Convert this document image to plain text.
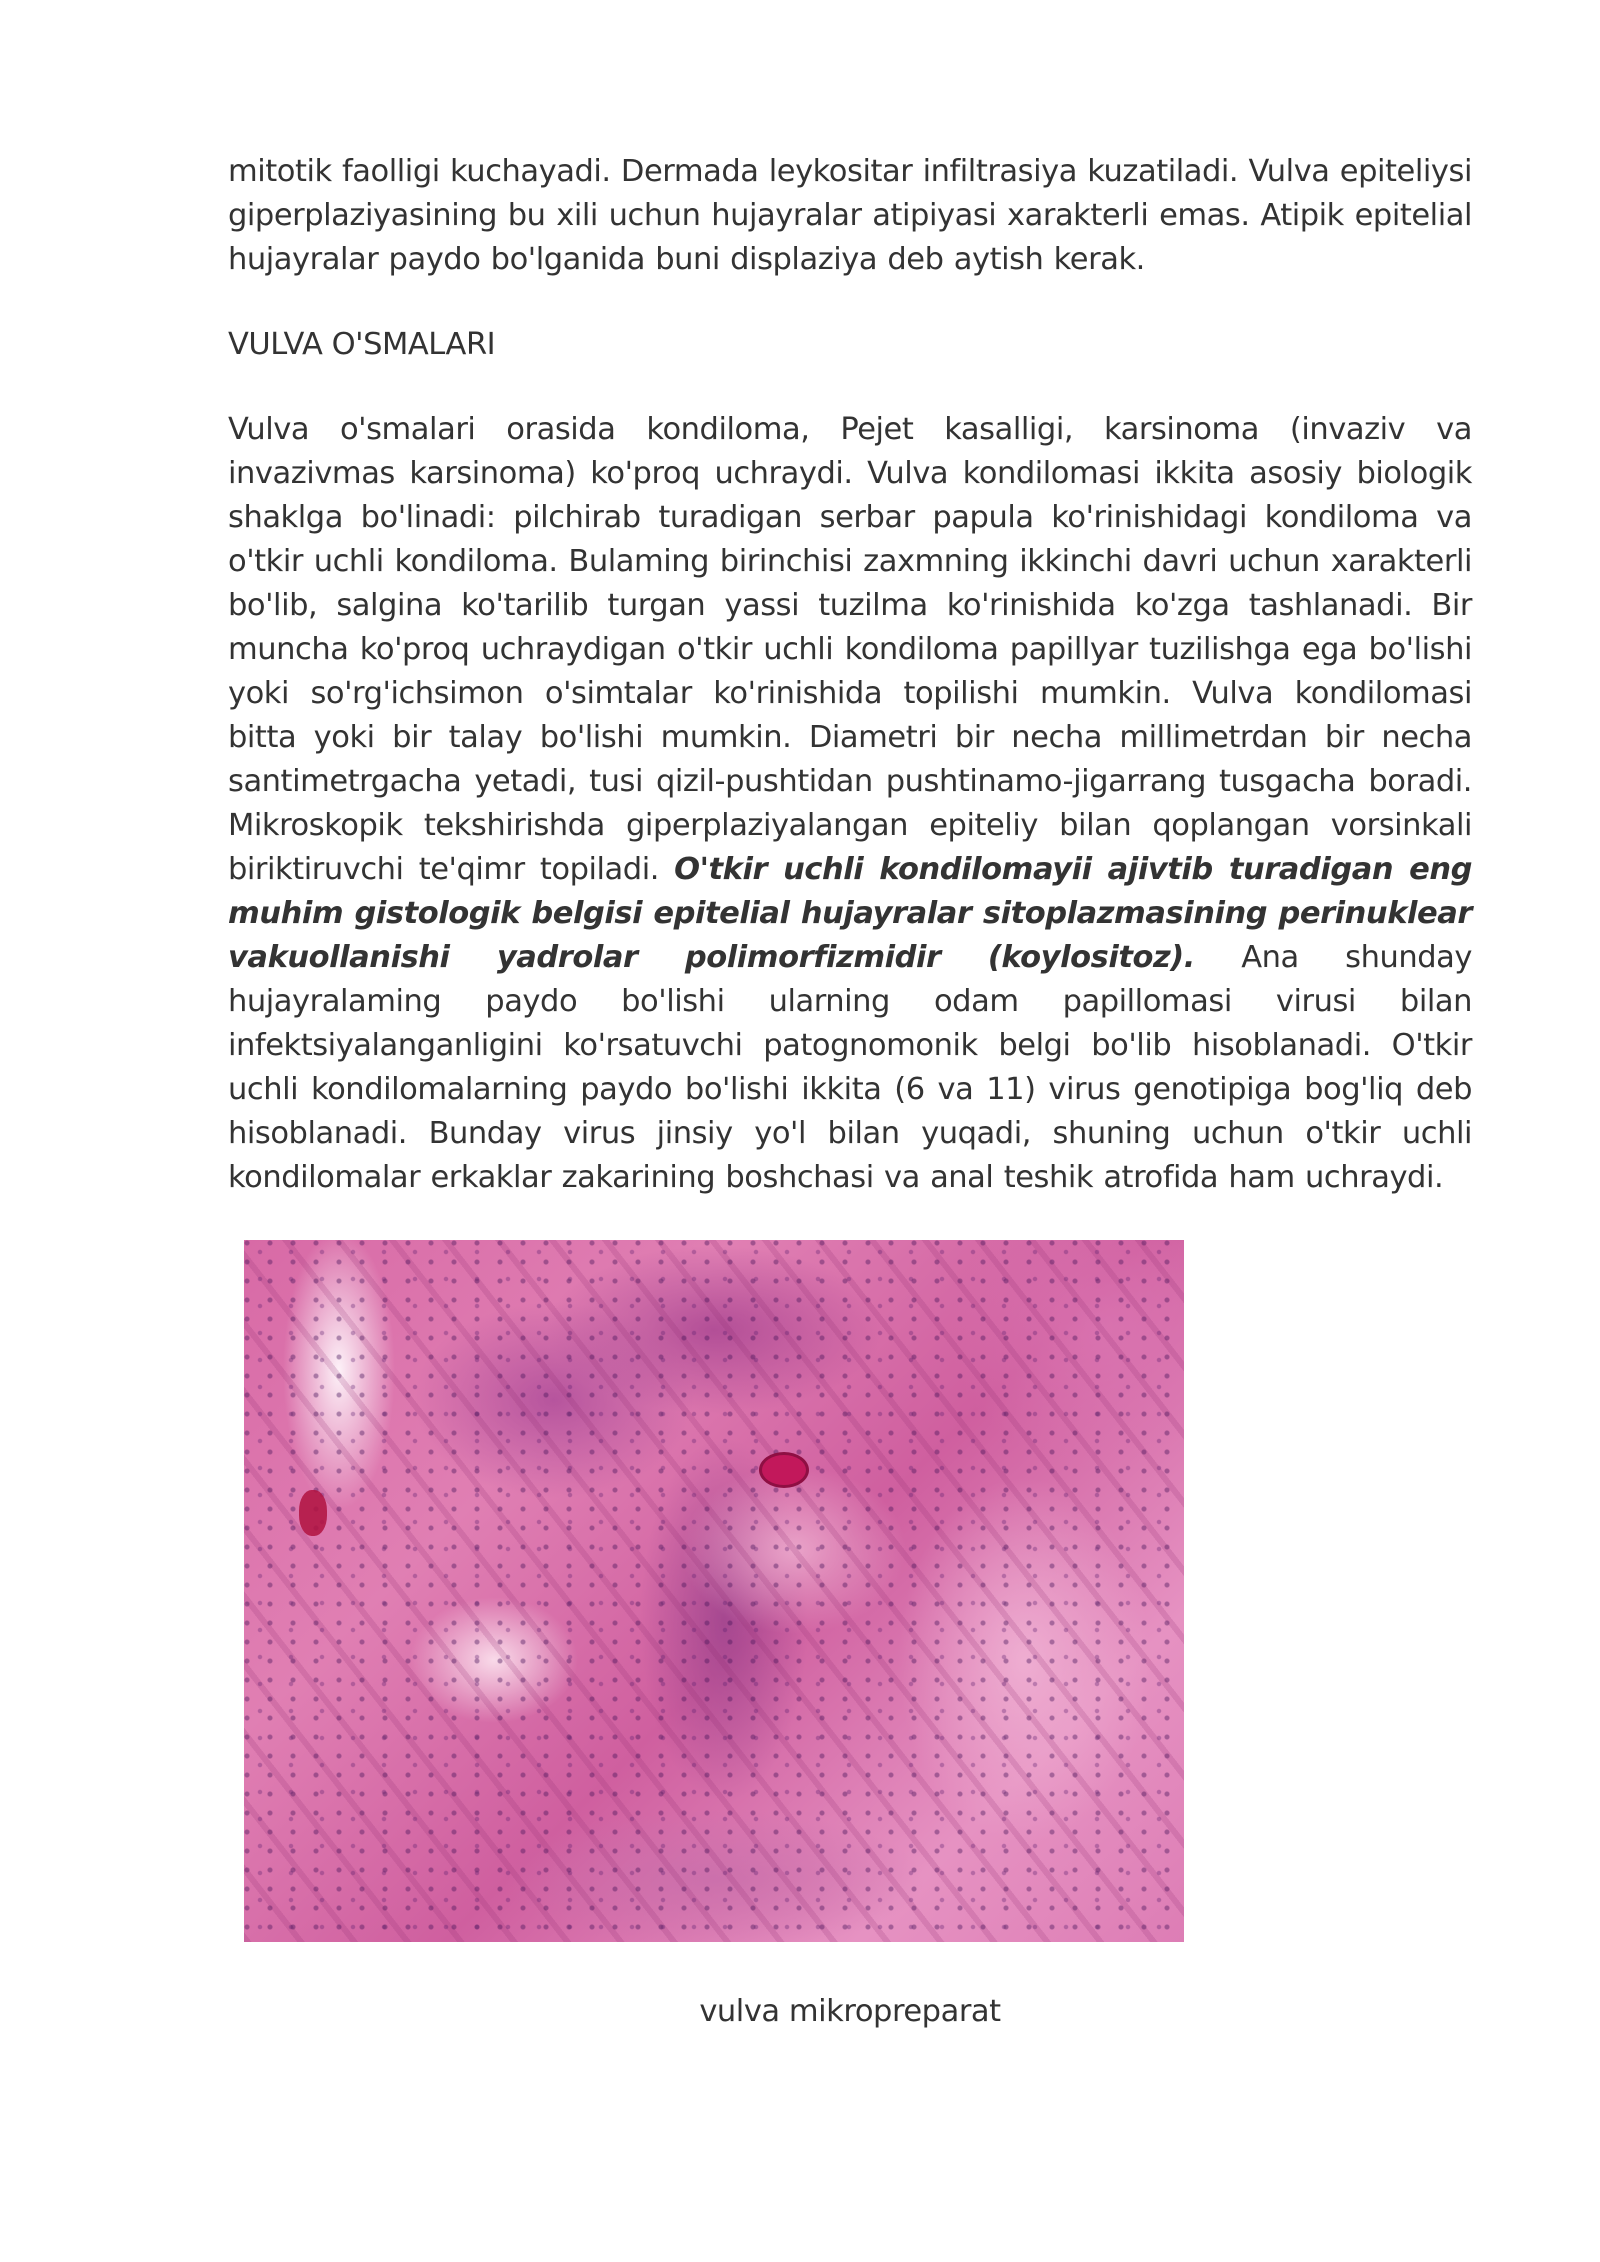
mitotik faolligi kuchayadi. Dermada leykositar infiltrasiya kuzatiladi. Vulva epiteliysi giperplaziyasining bu xili uchun hujayralar atipiyasi xarakterli emas. Atipik epitelial hujayralar paydo bo'lganida buni displaziya deb aytish kerak.

VULVA O'SMALARI

Vulva o'smalari orasida kondiloma, Pejet kasalligi, karsinoma (invaziv va invazivmas karsinoma) ko'proq uchraydi. Vulva kondilomasi ikkita asosiy biologik shaklga bo'linadi: pilchirab turadigan serbar papula ko'rinishidagi kondiloma va o'tkir uchli kondiloma. Bulaming birinchisi zaxmning ikkinchi davri uchun xarakterli bo'lib, salgina ko'tarilib turgan yassi tuzilma ko'rinishida ko'zga tashlanadi. Bir muncha ko'proq uchraydigan o'tkir uchli kondiloma papillyar tuzilishga ega bo'lishi yoki so'rg'ichsimon o'simtalar ko'rinishida topilishi mumkin. Vulva kondilomasi bitta yoki bir talay bo'lishi mumkin. Diametri bir necha millimetrdan bir necha santimetrgacha yetadi, tusi qizil-pushtidan pushtinamo-jigarrang tusgacha boradi. Mikroskopik tekshirishda giperplaziyalangan epiteliy bilan qoplangan vorsinkali biriktiruvchi te'qimr topiladi. O'tkir uchli kondilomayii ajivtib turadigan eng muhim gistologik belgisi epitelial hujayralar sitoplazmasining perinuklear vakuollanishi yadrolar polimorfizmidir (koylositoz). Ana shunday hujayralaming paydo bo'lishi ularning odam papillomasi virusi bilan infektsiyalanganligini ko'rsatuvchi patognomonik belgi bo'lib hisoblanadi. O'tkir uchli kondilomalarning paydo bo'lishi ikkita (6 va 11) virus genotipiga bog'liq deb hisoblanadi. Bunday virus jinsiy yo'l bilan yuqadi, shuning uchun o'tkir uchli kondilomalar erkaklar zakarining boshchasi va anal teshik atrofida ham uchraydi.

vulva mikropreparat
